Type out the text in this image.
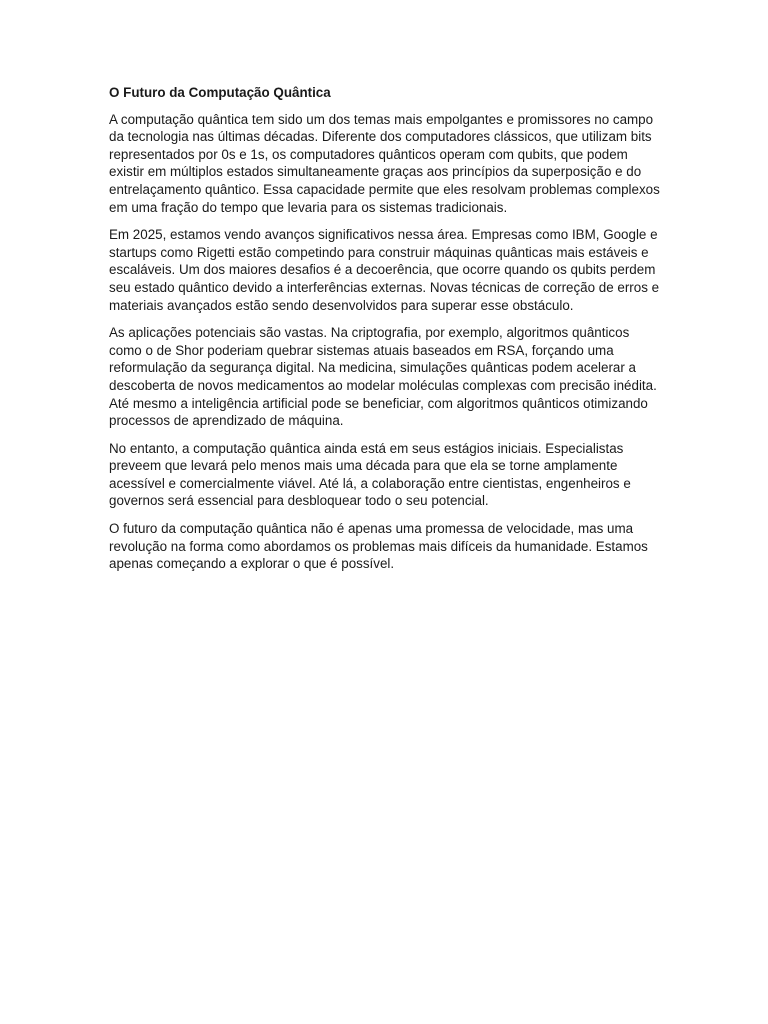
O Futuro da Computação Quântica

A computação quântica tem sido um dos temas mais empolgantes e promissores no campo da tecnologia nas últimas décadas. Diferente dos computadores clássicos, que utilizam bits representados por 0s e 1s, os computadores quânticos operam com qubits, que podem existir em múltiplos estados simultaneamente graças aos princípios da superposição e do entrelaçamento quântico. Essa capacidade permite que eles resolvam problemas complexos em uma fração do tempo que levaria para os sistemas tradicionais.

Em 2025, estamos vendo avanços significativos nessa área. Empresas como IBM, Google e startups como Rigetti estão competindo para construir máquinas quânticas mais estáveis e escaláveis. Um dos maiores desafios é a decoerência, que ocorre quando os qubits perdem seu estado quântico devido a interferências externas. Novas técnicas de correção de erros e materiais avançados estão sendo desenvolvidos para superar esse obstáculo.

As aplicações potenciais são vastas. Na criptografia, por exemplo, algoritmos quânticos como o de Shor poderiam quebrar sistemas atuais baseados em RSA, forçando uma reformulação da segurança digital. Na medicina, simulações quânticas podem acelerar a descoberta de novos medicamentos ao modelar moléculas complexas com precisão inédita. Até mesmo a inteligência artificial pode se beneficiar, com algoritmos quânticos otimizando processos de aprendizado de máquina.

No entanto, a computação quântica ainda está em seus estágios iniciais. Especialistas preveem que levará pelo menos mais uma década para que ela se torne amplamente acessível e comercialmente viável. Até lá, a colaboração entre cientistas, engenheiros e governos será essencial para desbloquear todo o seu potencial.

O futuro da computação quântica não é apenas uma promessa de velocidade, mas uma revolução na forma como abordamos os problemas mais difíceis da humanidade. Estamos apenas começando a explorar o que é possível.
